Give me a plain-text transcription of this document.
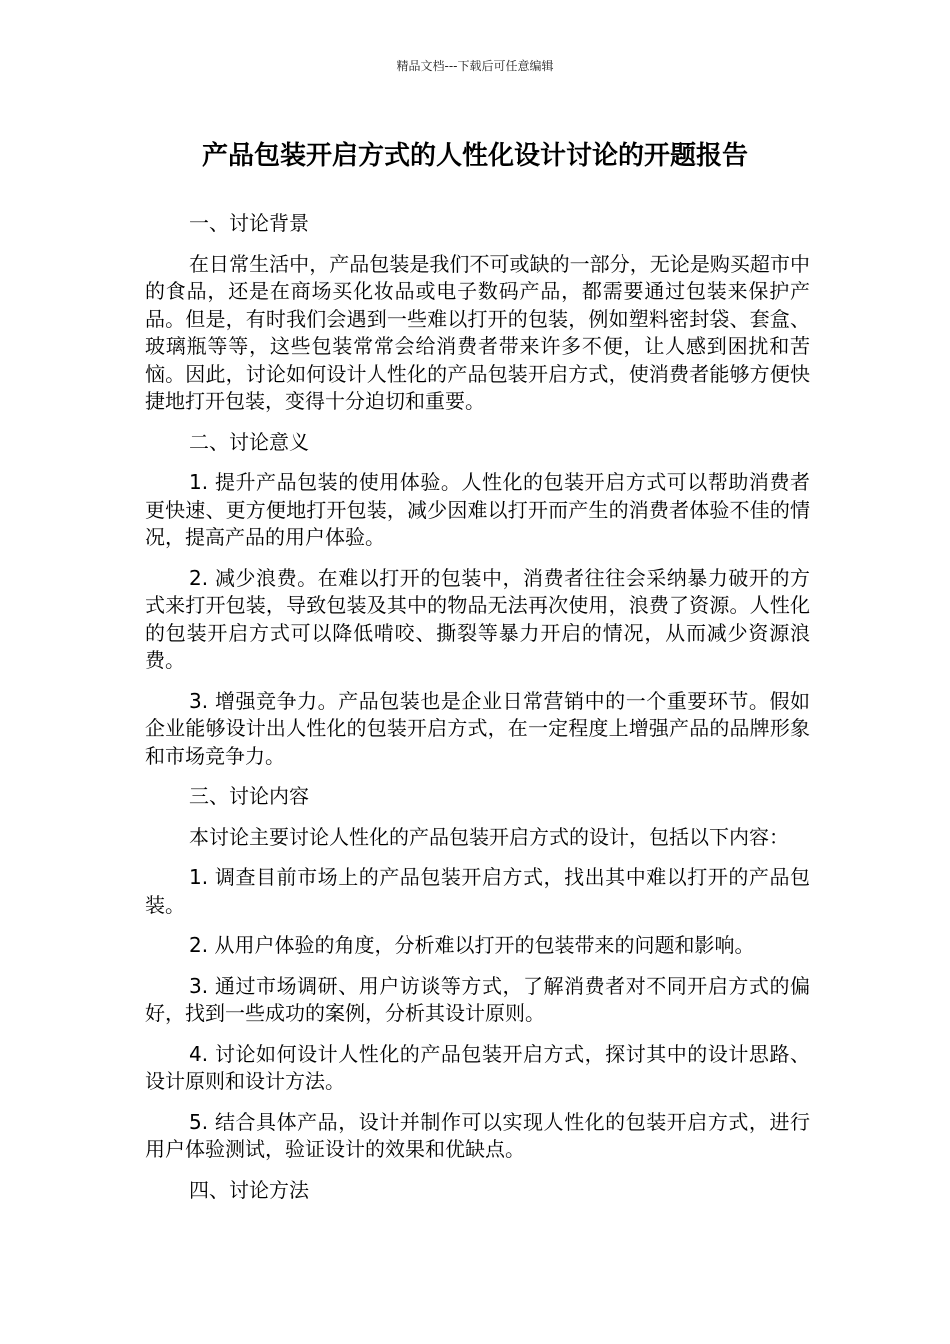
精品文档---下载后可任意编辑
产品包装开启方式的人性化设计讨论的开题报告

一、讨论背景

在日常生活中，产品包装是我们不可或缺的一部分，无论是购买超市中的食品，还是在商场买化妆品或电子数码产品，都需要通过包装来保护产品。但是，有时我们会遇到一些难以打开的包装，例如塑料密封袋、套盒、玻璃瓶等等，这些包装常常会给消费者带来许多不便，让人感到困扰和苦恼。因此，讨论如何设计人性化的产品包装开启方式，使消费者能够方便快捷地打开包装，变得十分迫切和重要。

二、讨论意义

1. 提升产品包装的使用体验。人性化的包装开启方式可以帮助消费者更快速、更方便地打开包装，减少因难以打开而产生的消费者体验不佳的情况，提高产品的用户体验。

2. 减少浪费。在难以打开的包装中，消费者往往会采纳暴力破开的方式来打开包装，导致包装及其中的物品无法再次使用，浪费了资源。人性化的包装开启方式可以降低啃咬、撕裂等暴力开启的情况，从而减少资源浪费。

3. 增强竞争力。产品包装也是企业日常营销中的一个重要环节。假如企业能够设计出人性化的包装开启方式，在一定程度上增强产品的品牌形象和市场竞争力。

三、讨论内容

本讨论主要讨论人性化的产品包装开启方式的设计，包括以下内容：

1. 调查目前市场上的产品包装开启方式，找出其中难以打开的产品包装。

2. 从用户体验的角度，分析难以打开的包装带来的问题和影响。

3. 通过市场调研、用户访谈等方式，了解消费者对不同开启方式的偏好，找到一些成功的案例，分析其设计原则。

4. 讨论如何设计人性化的产品包装开启方式，探讨其中的设计思路、设计原则和设计方法。

5. 结合具体产品，设计并制作可以实现人性化的包装开启方式，进行用户体验测试，验证设计的效果和优缺点。

四、讨论方法
